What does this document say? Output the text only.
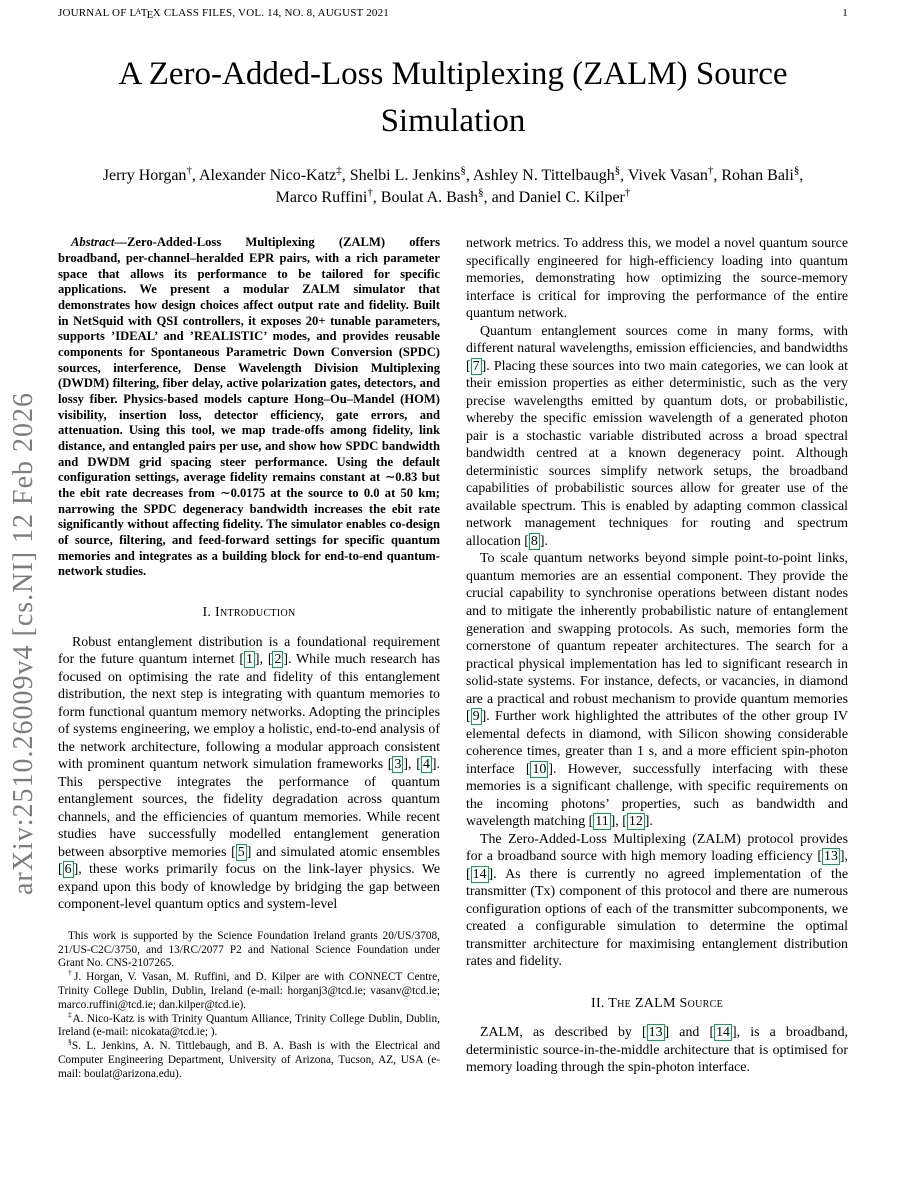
JOURNAL OF LATEX CLASS FILES, VOL. 14, NO. 8, AUGUST 2021	1
A Zero-Added-Loss Multiplexing (ZALM) Source Simulation
Jerry Horgan†, Alexander Nico-Katz‡, Shelbi L. Jenkins§, Ashley N. Tittelbaugh§, Vivek Vasan†, Rohan Bali§,
Marco Ruffini†, Boulat A. Bash§, and Daniel C. Kilper†

Abstract—Zero-Added-Loss Multiplexing (ZALM) offers broadband, per-channel–heralded EPR pairs, with a rich parameter space that allows its performance to be tailored for specific applications. We present a modular ZALM simulator that demonstrates how design choices affect output rate and fidelity. Built in NetSquid with QSI controllers, it exposes 20+ tunable parameters, supports ’IDEAL’ and ’REALISTIC’ modes, and provides reusable components for Spontaneous Parametric Down Conversion (SPDC) sources, interference, Dense Wavelength Division Multiplexing (DWDM) filtering, fiber delay, active polarization gates, detectors, and lossy fiber. Physics-based models capture Hong–Ou–Mandel (HOM) visibility, insertion loss, detector efficiency, gate errors, and attenuation. Using this tool, we map trade-offs among fidelity, link distance, and entangled pairs per use, and show how SPDC bandwidth and DWDM grid spacing steer performance. Using the default configuration settings, average fidelity remains constant at ∼0.83 but the ebit rate decreases from ∼0.0175 at the source to 0.0 at 50 km; narrowing the SPDC degeneracy bandwidth increases the ebit rate significantly without affecting fidelity. The simulator enables co-design of source, filtering, and feed-forward settings for specific quantum memories and integrates as a building block for end-to-end quantum-network studies.

I. Introduction

Robust entanglement distribution is a foundational requirement for the future quantum internet [ 1 ], [ 2 ]. While much research has focused on optimising the rate and fidelity of this entanglement distribution, the next step is integrating with quantum memories to form functional quantum memory networks. Adopting the principles of systems engineering, we employ a holistic, end-to-end analysis of the network architecture, following a modular approach consistent with prominent quantum network simulation frameworks [ 3 ], [ 4 ]. This perspective integrates the performance of quantum entanglement sources, the fidelity degradation across quantum channels, and the efficiencies of quantum memories. While recent studies have successfully modelled entanglement generation between absorptive memories [ 5 ] and simulated atomic ensembles [ 6 ], these works primarily focus on the link-layer physics. We expand upon this body of knowledge by bridging the gap between component-level quantum optics and system-level

This work is supported by the Science Foundation Ireland grants 20/US/3708, 21/US-C2C/3750, and 13/RC/2077 P2 and National Science Foundation under Grant No. CNS-2107265.

†J. Horgan, V. Vasan, M. Ruffini, and D. Kilper are with CONNECT Centre, Trinity College Dublin, Dublin, Ireland (e-mail: horganj3@tcd.ie; vasanv@tcd.ie; marco.ruffini@tcd.ie; dan.kilper@tcd.ie).

‡A. Nico-Katz is with Trinity Quantum Alliance, Trinity College Dublin, Dublin, Ireland (e-mail: nicokata@tcd.ie; ).

§S. L. Jenkins, A. N. Tittlebaugh, and B. A. Bash is with the Electrical and Computer Engineering Department, University of Arizona, Tucson, AZ, USA (e-mail: boulat@arizona.edu).

network metrics. To address this, we model a novel quantum source specifically engineered for high-efficiency loading into quantum memories, demonstrating how optimizing the source-memory interface is critical for improving the performance of the entire quantum network.

Quantum entanglement sources come in many forms, with different natural wavelengths, emission efficiencies, and bandwidths [ 7 ]. Placing these sources into two main categories, we can look at their emission properties as either deterministic, such as the very precise wavelengths emitted by quantum dots, or probabilistic, whereby the specific emission wavelength of a generated photon pair is a stochastic variable distributed across a broad spectral bandwidth centred at a known degeneracy point. Although deterministic sources simplify network setups, the broadband capabilities of probabilistic sources allow for greater use of the available spectrum. This is enabled by adapting common classical network management techniques for routing and spectrum allocation [ 8 ].

To scale quantum networks beyond simple point-to-point links, quantum memories are an essential component. They provide the crucial capability to synchronise operations between distant nodes and to mitigate the inherently probabilistic nature of entanglement generation and swapping protocols. As such, memories form the cornerstone of quantum repeater architectures. The search for a practical physical implementation has led to significant research in solid-state systems. For instance, defects, or vacancies, in diamond are a practical and robust mechanism to provide quantum memories [ 9 ]. Further work highlighted the attributes of the other group IV elemental defects in diamond, with Silicon showing considerable coherence times, greater than 1 s, and a more efficient spin-photon interface [ 10 ]. However, successfully interfacing with these memories is a significant challenge, with specific requirements on the incoming photons’ properties, such as bandwidth and wavelength matching [ 11 ], [ 12 ].

The Zero-Added-Loss Multiplexing (ZALM) protocol provides for a broadband source with high memory loading efficiency [ 13 ], [ 14 ]. As there is currently no agreed implementation of the transmitter (Tx) component of this protocol and there are numerous configuration options of each of the transmitter subcomponents, we created a configurable simulation to determine the optimal transmitter architecture for maximising entanglement distribution rates and fidelity.

II. The ZALM Source

ZALM, as described by [ 13 ] and [ 14 ], is a broadband, deterministic source-in-the-middle architecture that is optimised for memory loading through the spin-photon interface.

arXiv:2510.26009v4 [cs.NI] 12 Feb 2026
